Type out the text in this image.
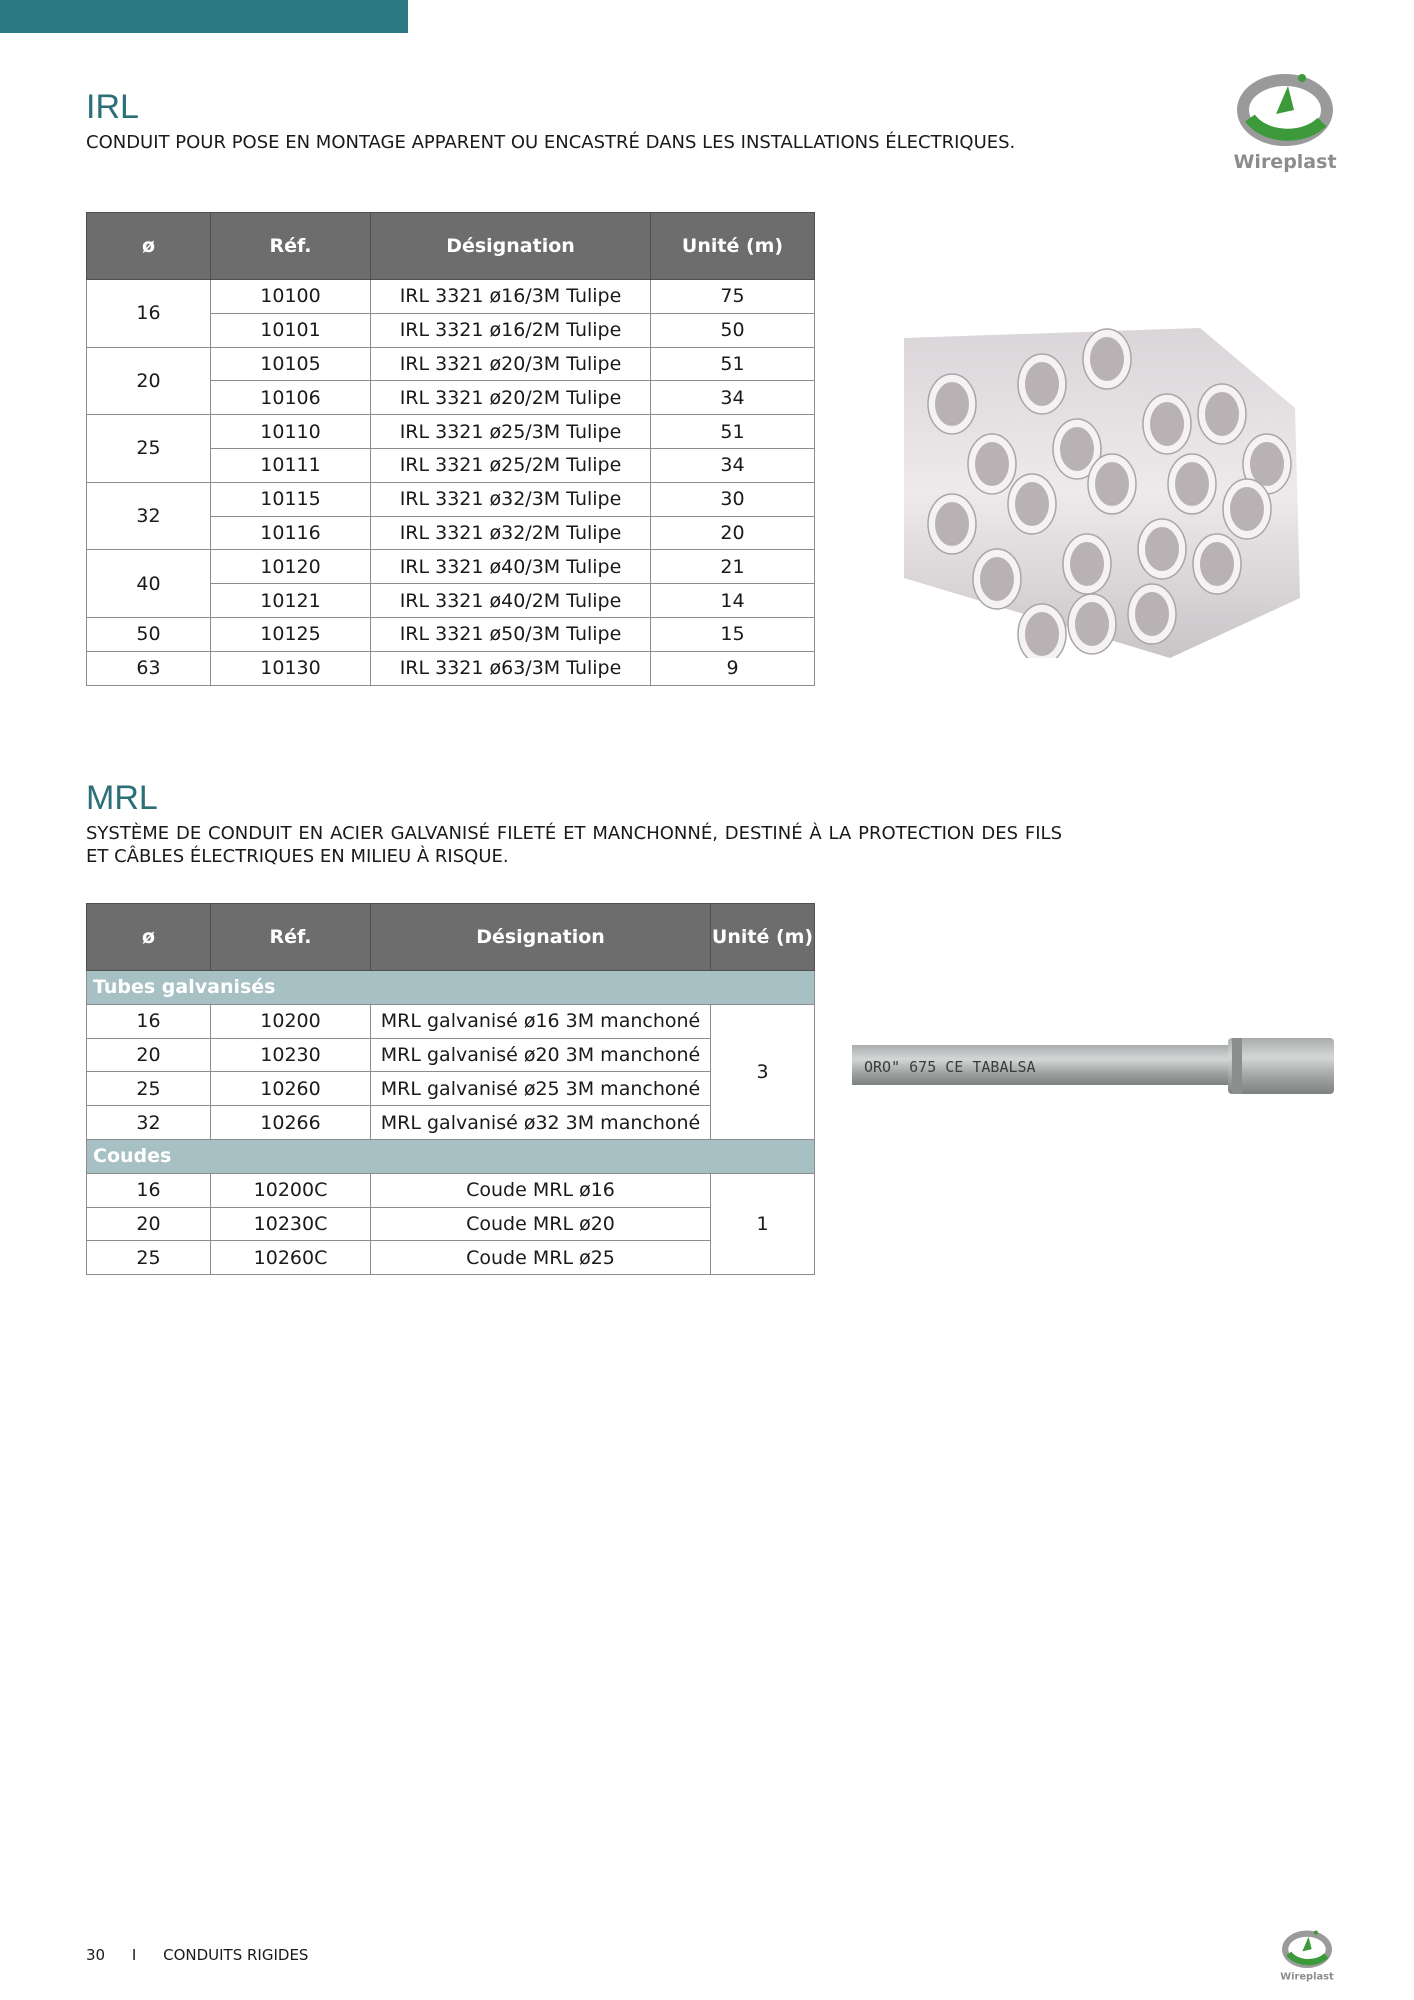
Wireplast
IRL

CONDUIT POUR POSE EN MONTAGE APPARENT OU ENCASTRÉ DANS LES INSTALLATIONS ÉLECTRIQUES.

ø	Réf.	Désignation	Unité (m)
16	10100	IRL 3321 ø16/3M Tulipe	75
	10101	IRL 3321 ø16/2M Tulipe	50
20	10105	IRL 3321 ø20/3M Tulipe	51
	10106	IRL 3321 ø20/2M Tulipe	34
25	10110	IRL 3321 ø25/3M Tulipe	51
	10111	IRL 3321 ø25/2M Tulipe	34
32	10115	IRL 3321 ø32/3M Tulipe	30
	10116	IRL 3321 ø32/2M Tulipe	20
40	10120	IRL 3321 ø40/3M Tulipe	21
	10121	IRL 3321 ø40/2M Tulipe	14
50	10125	IRL 3321 ø50/3M Tulipe	15
63	10130	IRL 3321 ø63/3M Tulipe	9
MRL

SYSTÈME DE CONDUIT EN ACIER GALVANISÉ FILETÉ ET MANCHONNÉ, DESTINÉ À LA PROTECTION DES FILS ET CÂBLES ÉLECTRIQUES EN MILIEU À RISQUE.

ø	Réf.	Désignation	Unité (m)
Tubes galvanisés			
16	10200	MRL galvanisé ø16 3M manchoné	3
20	10230	MRL galvanisé ø20 3M manchoné	
25	10260	MRL galvanisé ø25 3M manchoné	
32	10266	MRL galvanisé ø32 3M manchoné	
Coudes			
16	10200C	Coude MRL ø16	1
20	10230C	Coude MRL ø20	
25	10260C	Coude MRL ø25	
ORO" 675 CE TABALSA
30 I CONDUITS RIGIDES
Wireplast
